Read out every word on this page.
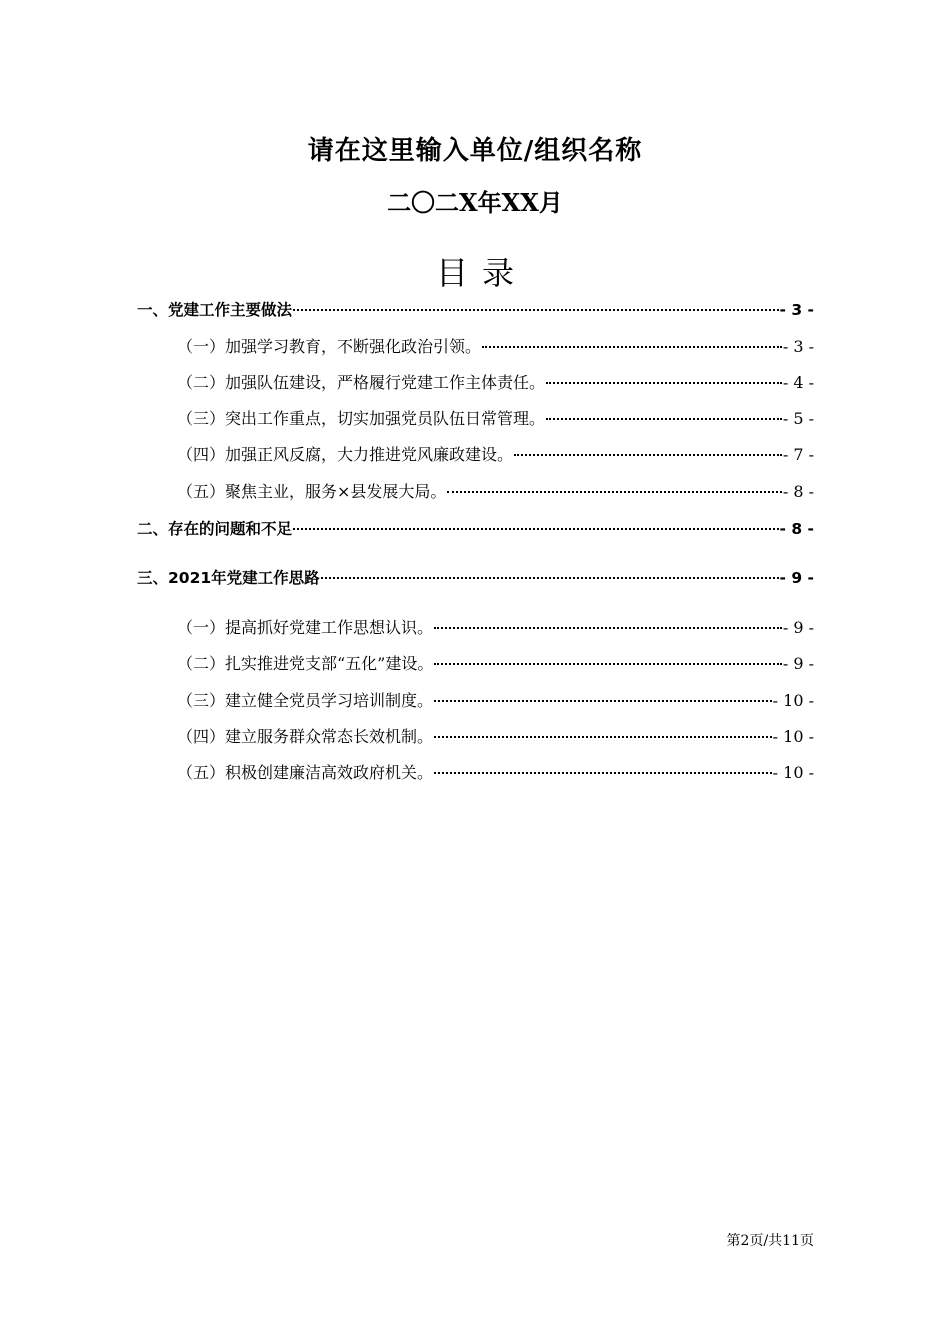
请在这里输入单位/组织名称
二〇二X年XX月
目录
一、党建工作主要做法	- 3 -
（一）加强学习教育，不断强化政治引领。	- 3 -
（二）加强队伍建设，严格履行党建工作主体责任。	- 4 -
（三）突出工作重点，切实加强党员队伍日常管理。	- 5 -
（四）加强正风反腐，大力推进党风廉政建设。	- 7 -
（五）聚焦主业，服务×县发展大局。	- 8 -
二、存在的问题和不足	- 8 -
三、2021年党建工作思路	- 9 -
（一）提高抓好党建工作思想认识。	- 9 -
（二）扎实推进党支部“五化”建设。	- 9 -
（三）建立健全党员学习培训制度。	- 10 -
（四）建立服务群众常态长效机制。	- 10 -
（五）积极创建廉洁高效政府机关。	- 10 -
第2页/共11页
